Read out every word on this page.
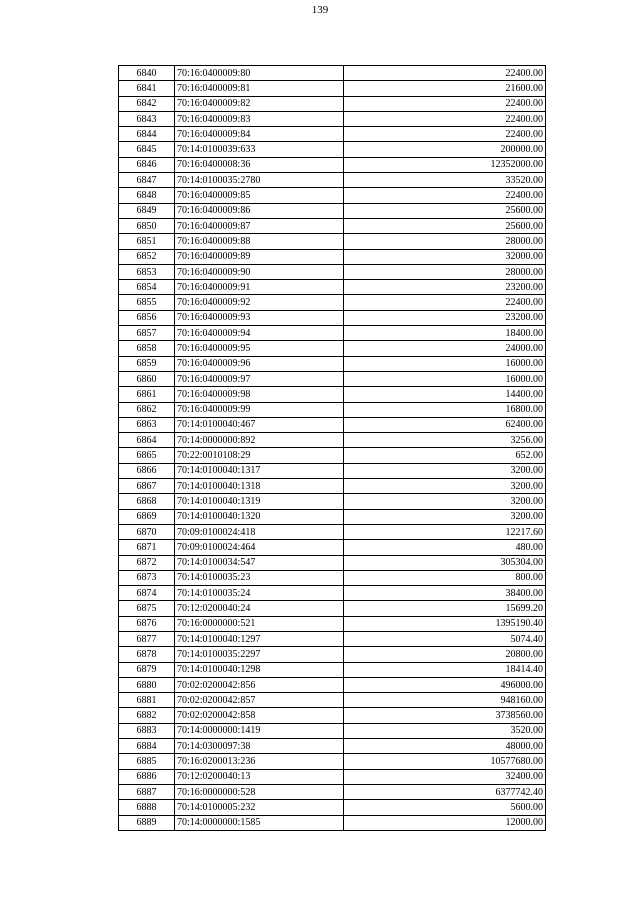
139
6840	70:16:0400009:80	22400.00
6841	70:16:0400009:81	21600.00
6842	70:16:0400009:82	22400.00
6843	70:16:0400009:83	22400.00
6844	70:16:0400009:84	22400.00
6845	70:14:0100039:633	200000.00
6846	70:16:0400008:36	12352000.00
6847	70:14:0100035:2780	33520.00
6848	70:16:0400009:85	22400.00
6849	70:16:0400009:86	25600.00
6850	70:16:0400009:87	25600.00
6851	70:16:0400009:88	28000.00
6852	70:16:0400009:89	32000.00
6853	70:16:0400009:90	28000.00
6854	70:16:0400009:91	23200.00
6855	70:16:0400009:92	22400.00
6856	70:16:0400009:93	23200.00
6857	70:16:0400009:94	18400.00
6858	70:16:0400009:95	24000.00
6859	70:16:0400009:96	16000.00
6860	70:16:0400009:97	16000.00
6861	70:16:0400009:98	14400.00
6862	70:16:0400009:99	16800.00
6863	70:14:0100040:467	62400.00
6864	70:14:0000000:892	3256.00
6865	70:22:0010108:29	652.00
6866	70:14:0100040:1317	3200.00
6867	70:14:0100040:1318	3200.00
6868	70:14:0100040:1319	3200.00
6869	70:14:0100040:1320	3200.00
6870	70:09:0100024:418	12217.60
6871	70:09:0100024:464	480.00
6872	70:14:0100034:547	305304.00
6873	70:14:0100035:23	800.00
6874	70:14:0100035:24	38400.00
6875	70:12:0200040:24	15699.20
6876	70:16:0000000:521	1395190.40
6877	70:14:0100040:1297	5074.40
6878	70:14:0100035:2297	20800.00
6879	70:14:0100040:1298	18414.40
6880	70:02:0200042:856	496000.00
6881	70:02:0200042:857	948160.00
6882	70:02:0200042:858	3738560.00
6883	70:14:0000000:1419	3520.00
6884	70:14:0300097:38	48000.00
6885	70:16:0200013:236	10577680.00
6886	70:12:0200040:13	32400.00
6887	70:16:0000000:528	6377742.40
6888	70:14:0100005:232	5600.00
6889	70:14:0000000:1585	12000.00
